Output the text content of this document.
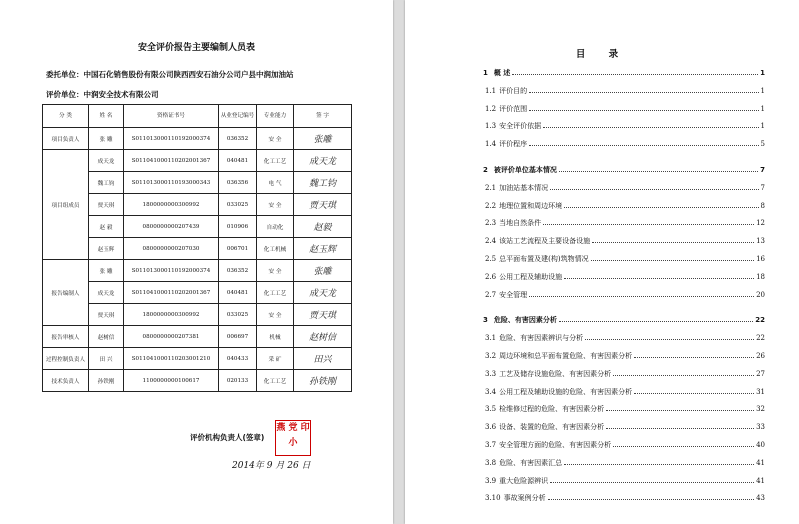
安全评价报告主要编制人员表
委托单位：中国石化销售股份有限公司陕西西安石油分公司户县中润加油站
评价单位：中润安全技术有限公司
分 类	姓 名	资格证书号	从业登记编号	专业能力	签 字
项目负责人	张 雕	S011013000110192000374	036352	安 全	张雕
项目组成员	成天龙	S011041000110202001367	040481	化工工艺	成天龙
	魏工钧	S011013000110193000343	036356	电 气	魏工钧
	贾天琪	1800000000300992	033025	安 全	贾天琪
	赵 毅	0800000000207439	010906	自动化	赵毅
	赵玉辉	0800000000207030	006701	化工机械	赵玉辉
报告编制人	张 雕	S011013000110192000374	036352	安 全	张雕
	成天龙	S011041000110202001367	040481	化工工艺	成天龙
	贾天琪	1800000000300992	033025	安 全	贾天琪
报告审核人	赵树信	0800000000207381	006697	机械	赵树信
过程控制负责人	田 兴	S011041000110203001210	040433	采 矿	田兴
技术负责人	孙铁刚	1100000000100617	020133	化工工艺	孙铁刚
评价机构负责人(签章)
燕 党 印 小
2014年 9 月 26 日
目 录
1 概 述	1
1.1 评价目的	1
1.2 评价范围	1
1.3 安全评价依据	1
1.4 评价程序	5
2 被评价单位基本情况	7
2.1 加油站基本情况	7
2.2 地理位置和周边环境	8
2.3 当地自然条件	12
2.4 该站工艺流程及主要设备设施	13
2.5 总平面布置及建(构)筑物情况	16
2.6 公用工程及辅助设施	18
2.7 安全管理	20
3 危险、有害因素分析	22
3.1 危险、有害因素辨识与分析	22
3.2 周边环境和总平面布置危险、有害因素分析	26
3.3 工艺及储存设施危险、有害因素分析	27
3.4 公用工程及辅助设施的危险、有害因素分析	31
3.5 检维修过程的危险、有害因素分析	32
3.6 设备、装置的危险、有害因素分析	33
3.7 安全管理方面的危险、有害因素分析	40
3.8 危险、有害因素汇总	41
3.9 重大危险源辨识	41
3.10 事故案例分析	43
